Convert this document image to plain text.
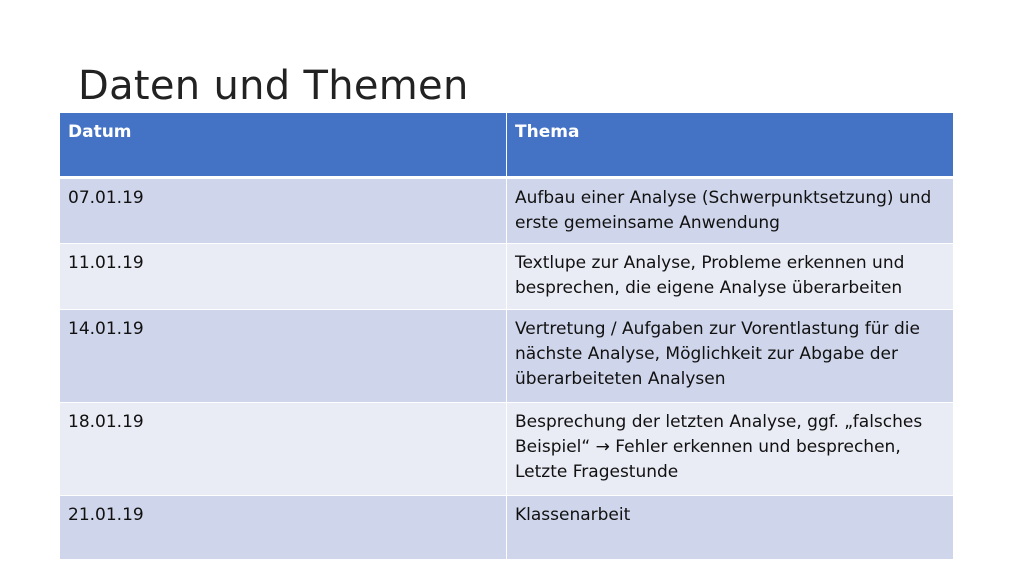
Daten und Themen
Datum	Thema
07.01.19	Aufbau einer Analyse (Schwerpunktsetzung) und erste gemeinsame Anwendung
11.01.19	Textlupe zur Analyse, Probleme erkennen und besprechen, die eigene Analyse überarbeiten
14.01.19	Vertretung / Aufgaben zur Vorentlastung für die nächste Analyse, Möglichkeit zur Abgabe der überarbeiteten Analysen
18.01.19	Besprechung der letzten Analyse, ggf. „falsches Beispiel“ → Fehler erkennen und besprechen, Letzte Fragestunde
21.01.19	Klassenarbeit
